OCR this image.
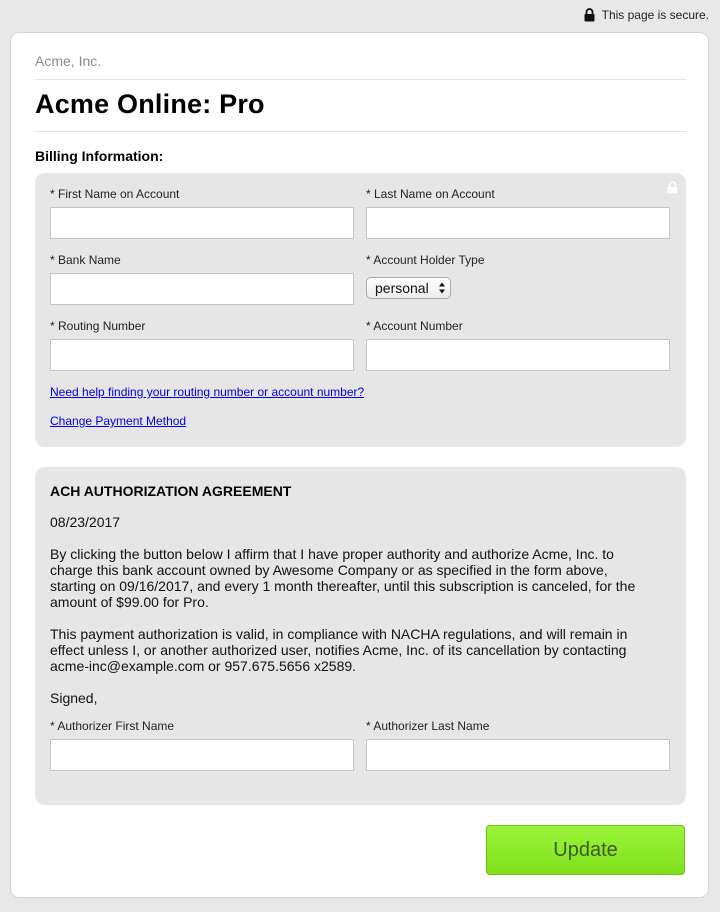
This page is secure.
Acme, Inc.
Acme Online: Pro
Billing Information:
* First Name on Account	* Last Name on Account
* Bank Name	* Account Holder Type
personal
* Routing Number	* Account Number
Need help finding your routing number or account number?
Change Payment Method
ACH AUTHORIZATION AGREEMENT
08/23/2017
By clicking the button below I affirm that I have proper authority and authorize Acme, Inc. to
charge this bank account owned by Awesome Company or as specified in the form above,
starting on 09/16/2017, and every 1 month thereafter, until this subscription is canceled, for the
amount of $99.00 for Pro.
This payment authorization is valid, in compliance with NACHA regulations, and will remain in
effect unless I, or another authorized user, notifies Acme, Inc. of its cancellation by contacting
acme-inc@example.com or 957.675.5656 x2589.
Signed,
* Authorizer First Name	* Authorizer Last Name
Update
